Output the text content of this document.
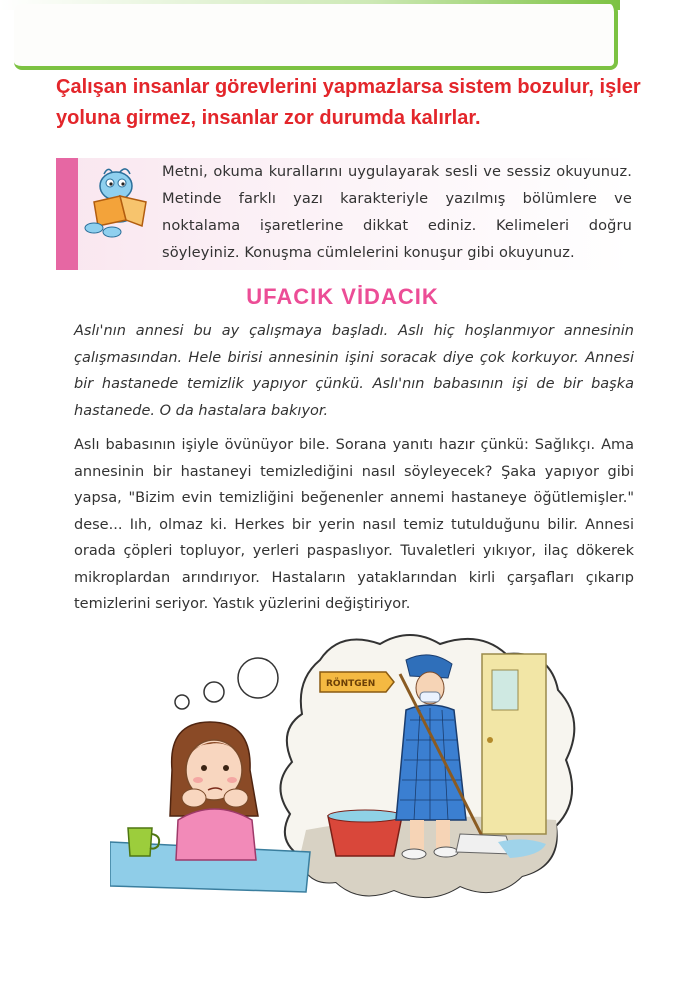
Çalışan insanlar görevlerini yapmazlarsa sistem bozulur, işler yoluna girmez, insanlar zor durumda kalırlar.

Metni, okuma kurallarını uygulayarak sesli ve sessiz okuyunuz. Metinde farklı yazı karakteriyle yazılmış bölümlere ve noktalama işaretlerine dikkat ediniz. Kelimeleri doğru söyleyiniz. Konuşma cümlelerini konuşur gibi okuyunuz.

UFACIK VİDACIK

Aslı'nın annesi bu ay çalışmaya başladı. Aslı hiç hoşlanmıyor annesinin çalışmasından. Hele birisi annesinin işini soracak diye çok korkuyor. Annesi bir hastanede temizlik yapıyor çünkü. Aslı'nın babasının işi de bir başka hastanede. O da hastalara bakıyor.

Aslı babasının işiyle övünüyor bile. Sorana yanıtı hazır çünkü: Sağlıkçı. Ama annesinin bir hastaneyi temizlediğini nasıl söyleyecek? Şaka yapıyor gibi yapsa, "Bizim evin temizliğini beğenenler annemi hastaneye öğütlemişler." dese... Iıh, olmaz ki. Herkes bir yerin nasıl temiz tutulduğunu bilir. Annesi orada çöpleri topluyor, yerleri paspaslıyor. Tuvaletleri yıkıyor, ilaç dökerek mikroplardan arındırıyor. Hastaların yataklarından kirli çarşafları çıkarıp temizlerini seriyor. Yastık yüzlerini değiştiriyor.

RÖNTGEN
